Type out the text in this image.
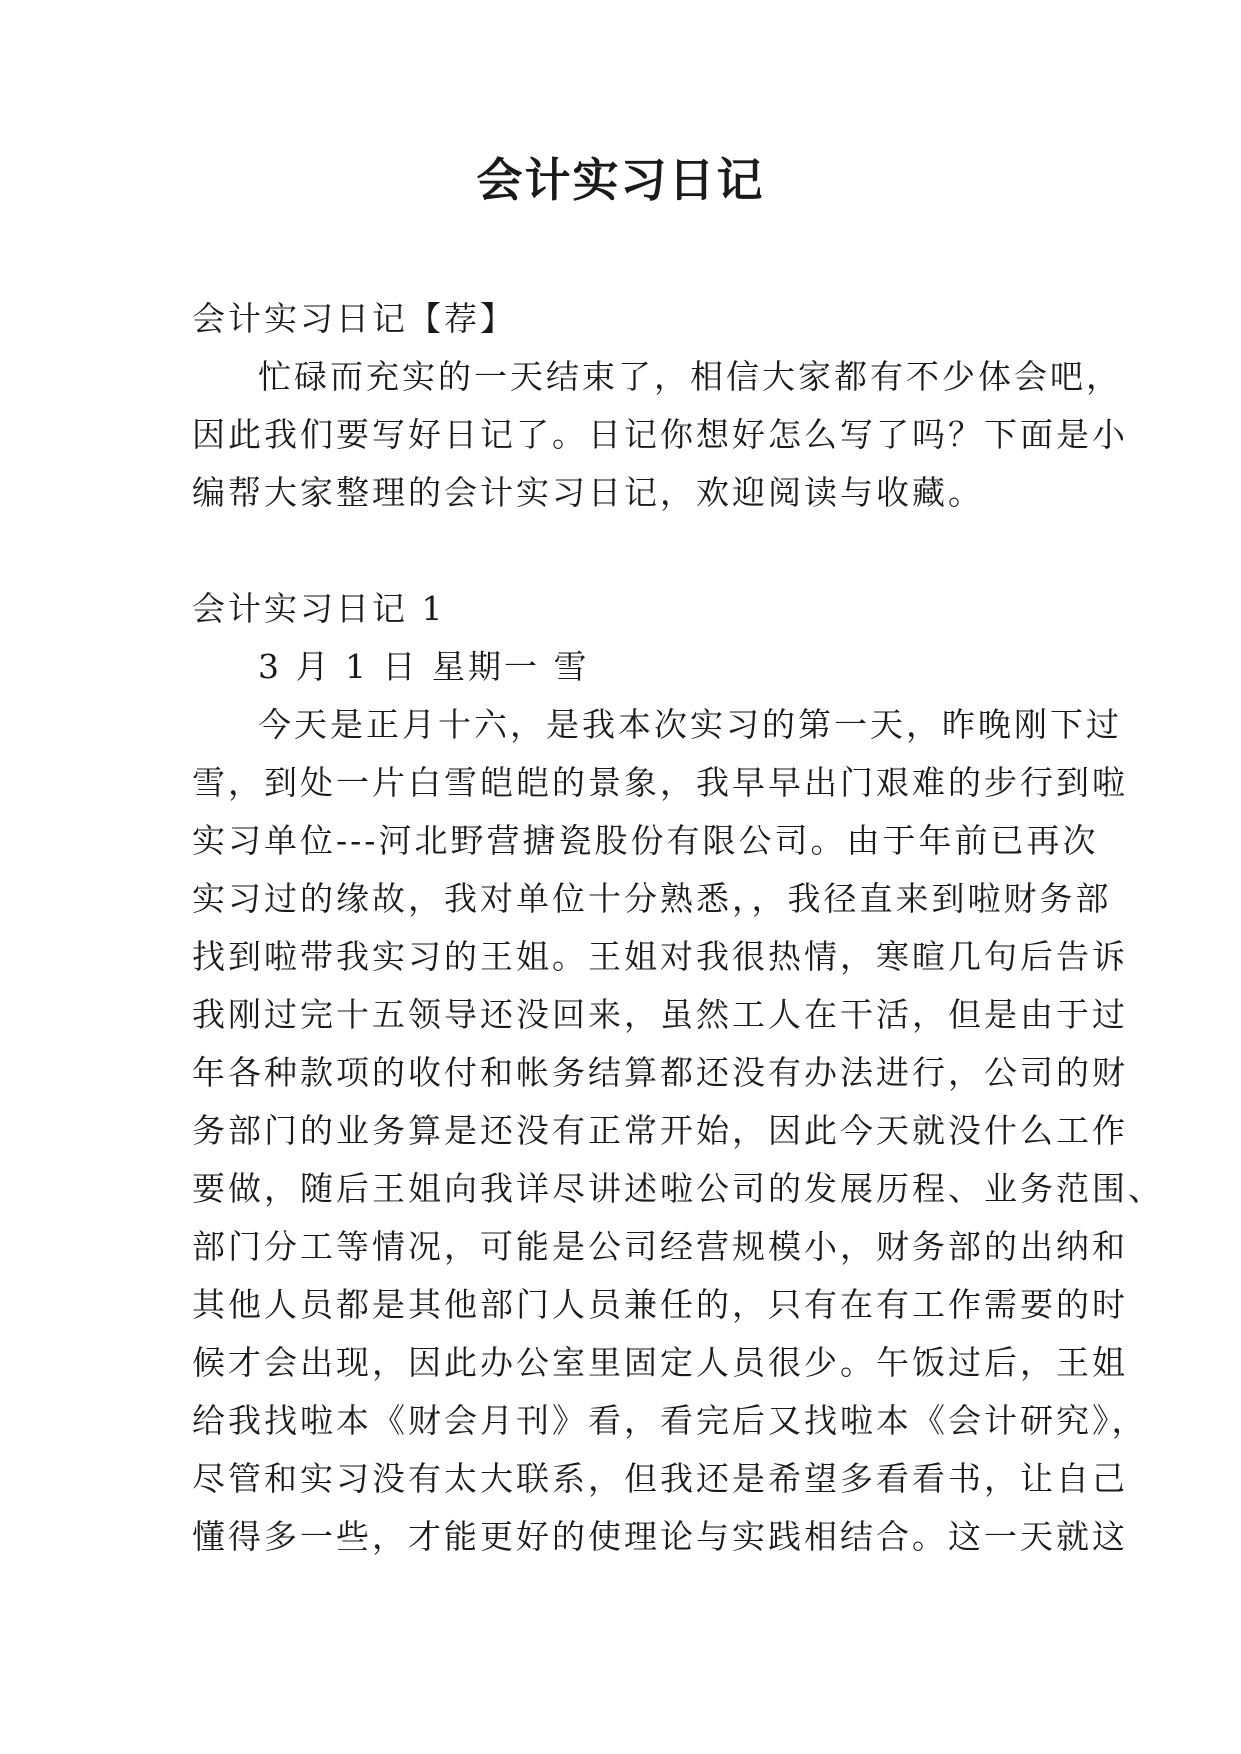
会计实习日记
会计实习日记【荐】
忙碌而充实的一天结束了，相信大家都有不少体会吧，
因此我们要写好日记了。日记你想好怎么写了吗？下面是小
编帮大家整理的会计实习日记，欢迎阅读与收藏。
会计实习日记 1
3 月 1 日 星期一 雪
今天是正月十六，是我本次实习的第一天，昨晚刚下过
雪，到处一片白雪皑皑的景象，我早早出门艰难的步行到啦
实习单位---河北野营搪瓷股份有限公司。由于年前已再次
实习过的缘故，我对单位十分熟悉，，我径直来到啦财务部
找到啦带我实习的王姐。王姐对我很热情，寒暄几句后告诉
我刚过完十五领导还没回来，虽然工人在干活，但是由于过
年各种款项的收付和帐务结算都还没有办法进行，公司的财
务部门的业务算是还没有正常开始，因此今天就没什么工作
要做，随后王姐向我详尽讲述啦公司的发展历程、业务范围、
部门分工等情况，可能是公司经营规模小，财务部的出纳和
其他人员都是其他部门人员兼任的，只有在有工作需要的时
候才会出现，因此办公室里固定人员很少。午饭过后，王姐
给我找啦本《财会月刊》看，看完后又找啦本《会计研究》，
尽管和实习没有太大联系，但我还是希望多看看书，让自己
懂得多一些，才能更好的使理论与实践相结合。这一天就这
